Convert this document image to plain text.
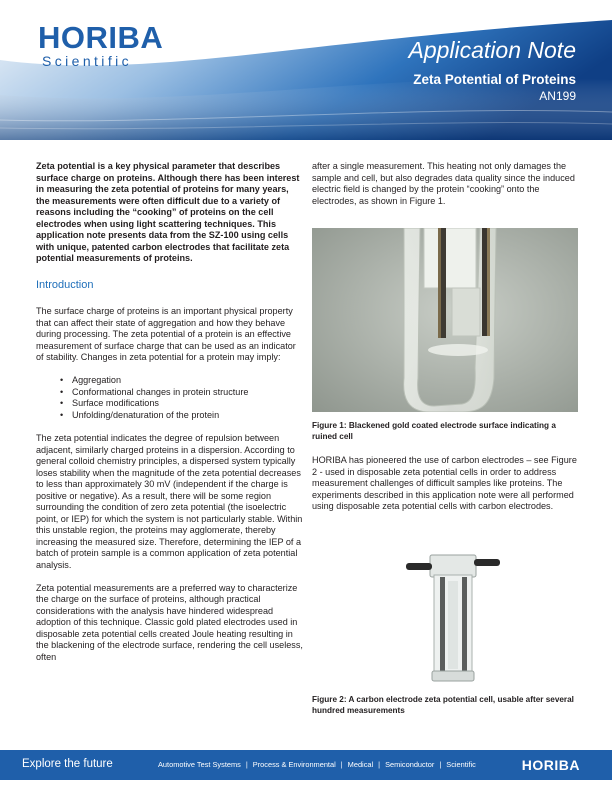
HORIBA
Scientific	Application Note
Zeta Potential of Proteins
AN199

Zeta potential is a key physical parameter that describes surface charge on proteins. Although there has been interest in measuring the zeta potential of proteins for many years, the measurements were often difficult due to a variety of reasons including the “cooking” of proteins on the cell electrodes when using light scattering techniques. This application note presents data from the SZ-100 using cells with unique, patented carbon electrodes that facilitate zeta potential measurements of proteins.

Introduction

The surface charge of proteins is an important physical property that can affect their state of aggregation and how they behave during processing. The zeta potential of a protein is an effective measurement of surface charge that can be used as an indicator of stability. Changes in zeta potential for a protein may imply:

• Aggregation
• Conformational changes in protein structure
• Surface modifications
• Unfolding/denaturation of the protein

The zeta potential indicates the degree of repulsion between adjacent, similarly charged proteins in a dispersion. According to general colloid chemistry principles, a dispersed system typically loses stability when the magnitude of the zeta potential decreases to less than approximately 30 mV (independent if the charge is positive or negative). As a result, there will be some region surrounding the condition of zero zeta potential (the isoelectric point, or IEP) for which the system is not particularly stable. Within this unstable region, the proteins may agglomerate, thereby increasing the measured size. Therefore, determining the IEP of a batch of protein sample is a common application of zeta potential analysis.

Zeta potential measurements are a preferred way to characterize the charge on the surface of proteins, although practical considerations with the analysis have hindered widespread adoption of this technique. Classic gold plated electrodes used in disposable zeta potential cells created Joule heating resulting in the blackening of the electrode surface, rendering the cell useless, often

after a single measurement. This heating not only damages the sample and cell, but also degrades data quality since the induced electric field is changed by the protein “cooking” onto the electrodes, as shown in Figure 1.

Figure 1: Blackened gold coated electrode surface indicating a ruined cell

HORIBA has pioneered the use of carbon electrodes – see Figure 2 - used in disposable zeta potential cells in order to address measurement challenges of difficult samples like proteins. The experiments described in this application note were all performed using disposable zeta potential cells with carbon electrodes.

Figure 2: A carbon electrode zeta potential cell, usable after several hundred measurements

Explore the future	Automotive Test Systems | Process & Environmental | Medical | Semiconductor | Scientific	HORIBA
